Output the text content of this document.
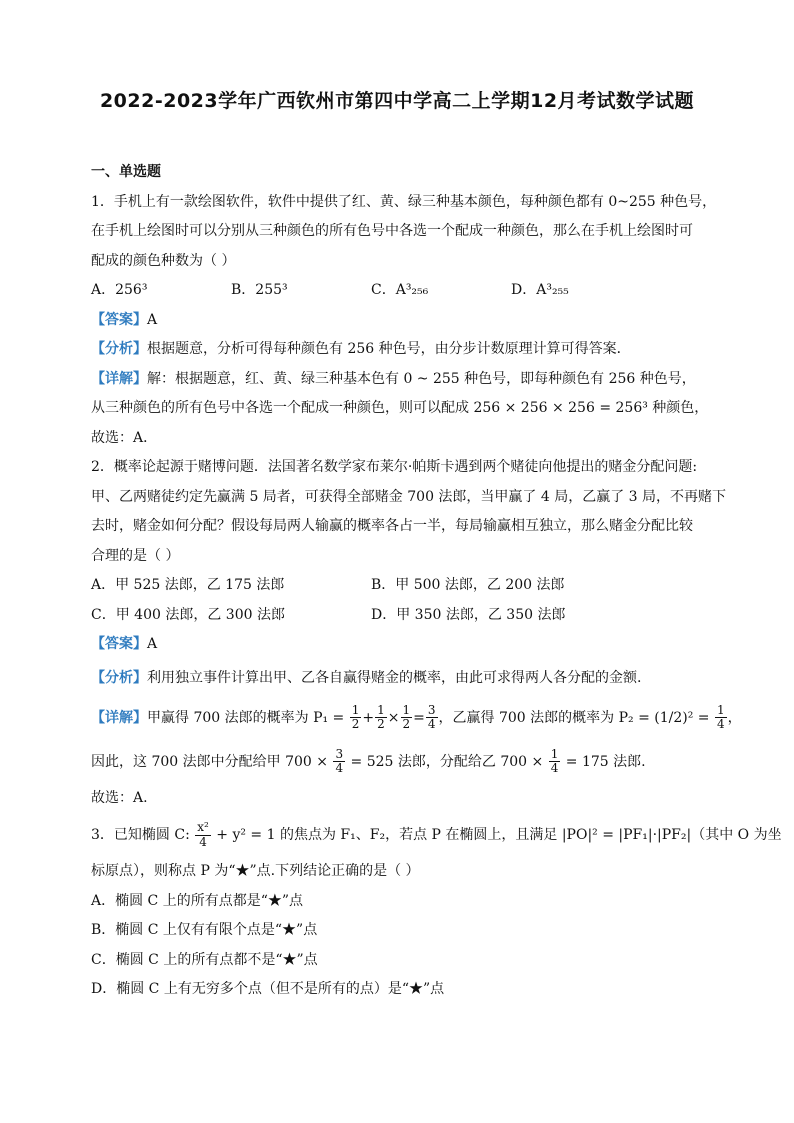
2022-2023学年广西钦州市第四中学高二上学期12月考试数学试题
一、单选题
1．手机上有一款绘图软件，软件中提供了红、黄、绿三种基本颜色，每种颜色都有 0~255 种色号，
在手机上绘图时可以分别从三种颜色的所有色号中各选一个配成一种颜色，那么在手机上绘图时可
配成的颜色种数为（ ）
A．256³	B．255³	C．A³₂₅₆	D．A³₂₅₅
【答案】A
【分析】根据题意，分析可得每种颜色有 256 种色号，由分步计数原理计算可得答案．
【详解】解：根据题意，红、黄、绿三种基本色有 0 ~ 255 种色号，即每种颜色有 256 种色号，
从三种颜色的所有色号中各选一个配成一种颜色，则可以配成 256 × 256 × 256 = 256³ 种颜色，
故选：A．
2．概率论起源于赌博问题．法国著名数学家布莱尔·帕斯卡遇到两个赌徒向他提出的赌金分配问题:
甲、乙两赌徒约定先赢满 5 局者，可获得全部赌金 700 法郎，当甲赢了 4 局，乙赢了 3 局，不再赌下
去时，赌金如何分配？假设每局两人输赢的概率各占一半，每局输赢相互独立，那么赌金分配比较
合理的是（ ）
A．甲 525 法郎，乙 175 法郎	B．甲 500 法郎，乙 200 法郎
C．甲 400 法郎，乙 300 法郎	D．甲 350 法郎，乙 350 法郎
【答案】A
【分析】利用独立事件计算出甲、乙各自赢得赌金的概率，由此可求得两人各分配的金额.
【详解】甲赢得 700 法郎的概率为 $P_1 = \frac{1}{2} + \frac{1}{2} \times \frac{1}{2} = \frac{3}{4}$ ，乙赢得 700 法郎的概率为 $P_2 = (1/2)^2 = \frac{1}{4}$ ，
因此，这 700 法郎中分配给甲 $700 \times \frac{3}{4} = 525$ 法郎，分配给乙 $700 \times \frac{1}{4} = 175$ 法郎.
故选：A.
3．已知椭圆 C: $\frac{\text{x²}}{4} + y^2 = 1$ 的焦点为 F₁、F₂，若点 P 在椭圆上，且满足 |PO|² = |PF₁|·|PF₂|（其中 O 为坐
标原点），则称点 P 为“★”点.下列结论正确的是（ ）
A．椭圆 C 上的所有点都是“★”点
B．椭圆 C 上仅有有限个点是“★”点
C．椭圆 C 上的所有点都不是“★”点
D．椭圆 C 上有无穷多个点（但不是所有的点）是“★”点
